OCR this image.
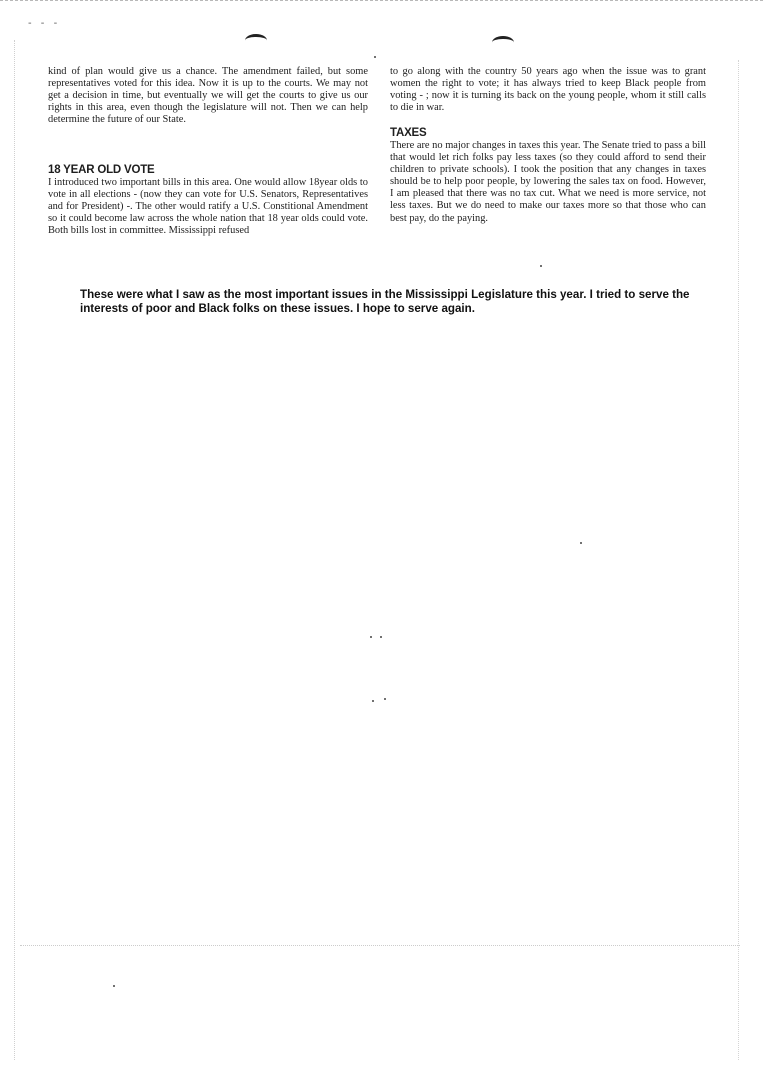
- - -

kind of plan would give us a chance. The amendment failed, but some representatives voted for this idea. Now it is up to the courts. We may not get a decision in time, but eventually we will get the courts to give us our rights in this area, even though the legislature will not. Then we can help determine the future of our State.

18 YEAR OLD VOTE

I introduced two important bills in this area. One would allow 18year olds to vote in all elections - (now they can vote for U.S. Senators, Representatives and for President) -. The other would ratify a U.S. Constitional Amendment so it could become law across the whole nation that 18 year olds could vote. Both bills lost in committee. Mississippi refused

to go along with the country 50 years ago when the issue was to grant women the right to vote; it has always tried to keep Black people from voting - ; now it is turning its back on the young people, whom it still calls to die in war.

TAXES

There are no major changes in taxes this year. The Senate tried to pass a bill that would let rich folks pay less taxes (so they could afford to send their children to private schools). I took the position that any changes in taxes should be to help poor people, by lowering the sales tax on food. However, I am pleased that there was no tax cut. What we need is more service, not less taxes. But we do need to make our taxes more so that those who can best pay, do the paying.

These were what I saw as the most important issues in the Mississippi Legislature this year. I tried to serve the interests of poor and Black folks on these issues. I hope to serve again.
